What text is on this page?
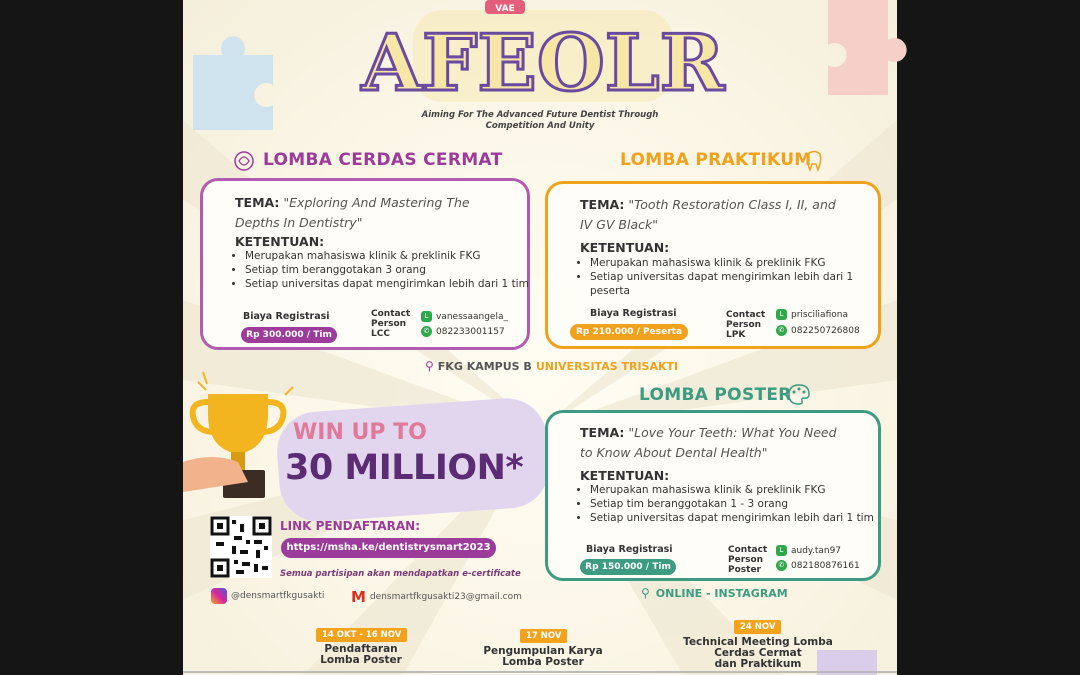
AFEOLR
VAE
Aiming For The Advanced Future Dentist Through
Competition And Unity
LOMBA CERDAS CERMAT
TEMA: "Exploring And Mastering The
Depths In Dentistry"
KETENTUAN:
• Merupakan mahasiswa klinik & preklinik FKG
• Setiap tim beranggotakan 3 orang
• Setiap universitas dapat mengirimkan lebih dari 1 tim
Biaya Registrasi
Rp 300.000 / Tim
Contact
Person
LCC
L vanessaangela_
✆ 082233001157
LOMBA PRAKTIKUM
TEMA: "Tooth Restoration Class I, II, and
IV GV Black"
KETENTUAN:
• Merupakan mahasiswa klinik & preklinik FKG
• Setiap universitas dapat mengirimkan lebih dari 1 peserta
Biaya Registrasi
Rp 210.000 / Peserta
Contact
Person
LPK
L prisciliafiona
✆ 082250726808
⚲ FKG KAMPUS B UNIVERSITAS TRISAKTI
WIN UP TO
30 MILLION*
LINK PENDAFTARAN:
https://msha.ke/dentistrysmart2023
Semua partisipan akan mendapatkan e-certificate
@densmartfkgusakti M densmartfkgusakti23@gmail.com
LOMBA POSTER
TEMA: "Love Your Teeth: What You Need
to Know About Dental Health"
KETENTUAN:
• Merupakan mahasiswa klinik & preklinik FKG
• Setiap tim beranggotakan 1 - 3 orang
• Setiap universitas dapat mengirimkan lebih dari 1 tim
Biaya Registrasi
Rp 150.000 / Tim
Contact
Person
Poster
L audy.tan97
✆ 082180876161
⚲ ONLINE - INSTAGRAM
14 OKT - 16 NOV
Pendaftaran
Lomba Poster
17 NOV
Pengumpulan Karya
Lomba Poster
24 NOV
Technical Meeting Lomba
Cerdas Cermat
dan Praktikum
